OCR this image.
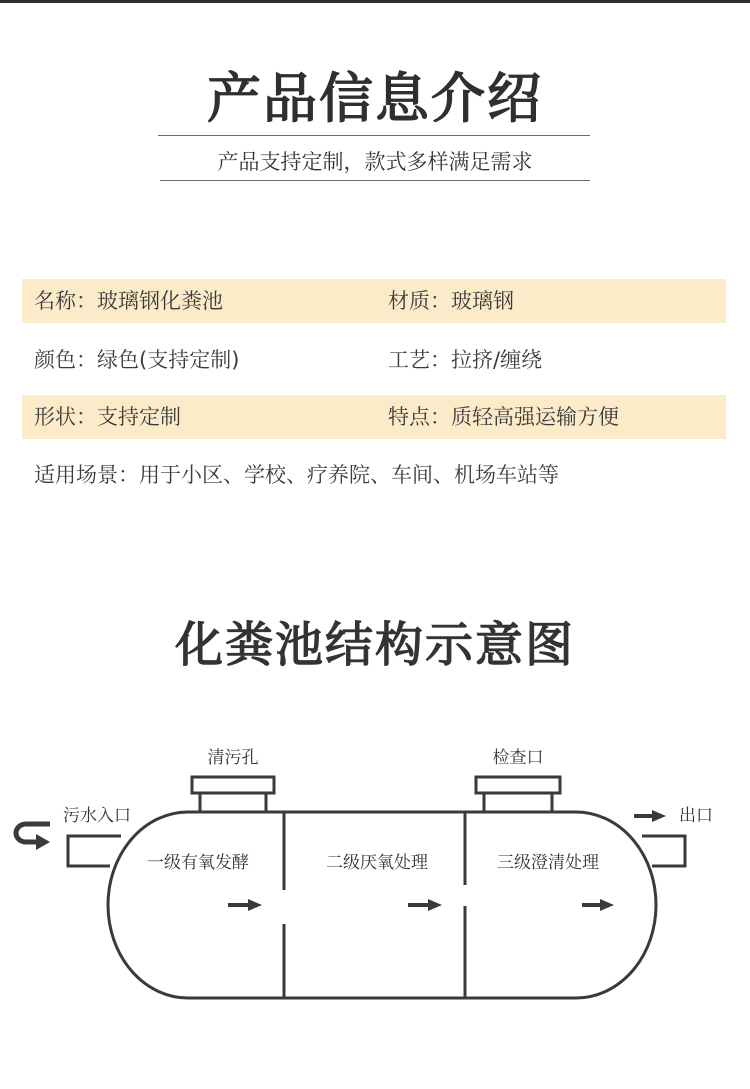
产品信息介绍
产品支持定制，款式多样满足需求
名称：玻璃钢化粪池	材质：玻璃钢
颜色：绿色(支持定制)	工艺：拉挤/缠绕
形状：支持定制	特点：质轻高强运输方便
适用场景：用于小区、学校、疗养院、车间、机场车站等
化粪池结构示意图
清污孔	检查口
污水入口	出口
一级有氧发酵	二级厌氧处理	三级澄清处理
